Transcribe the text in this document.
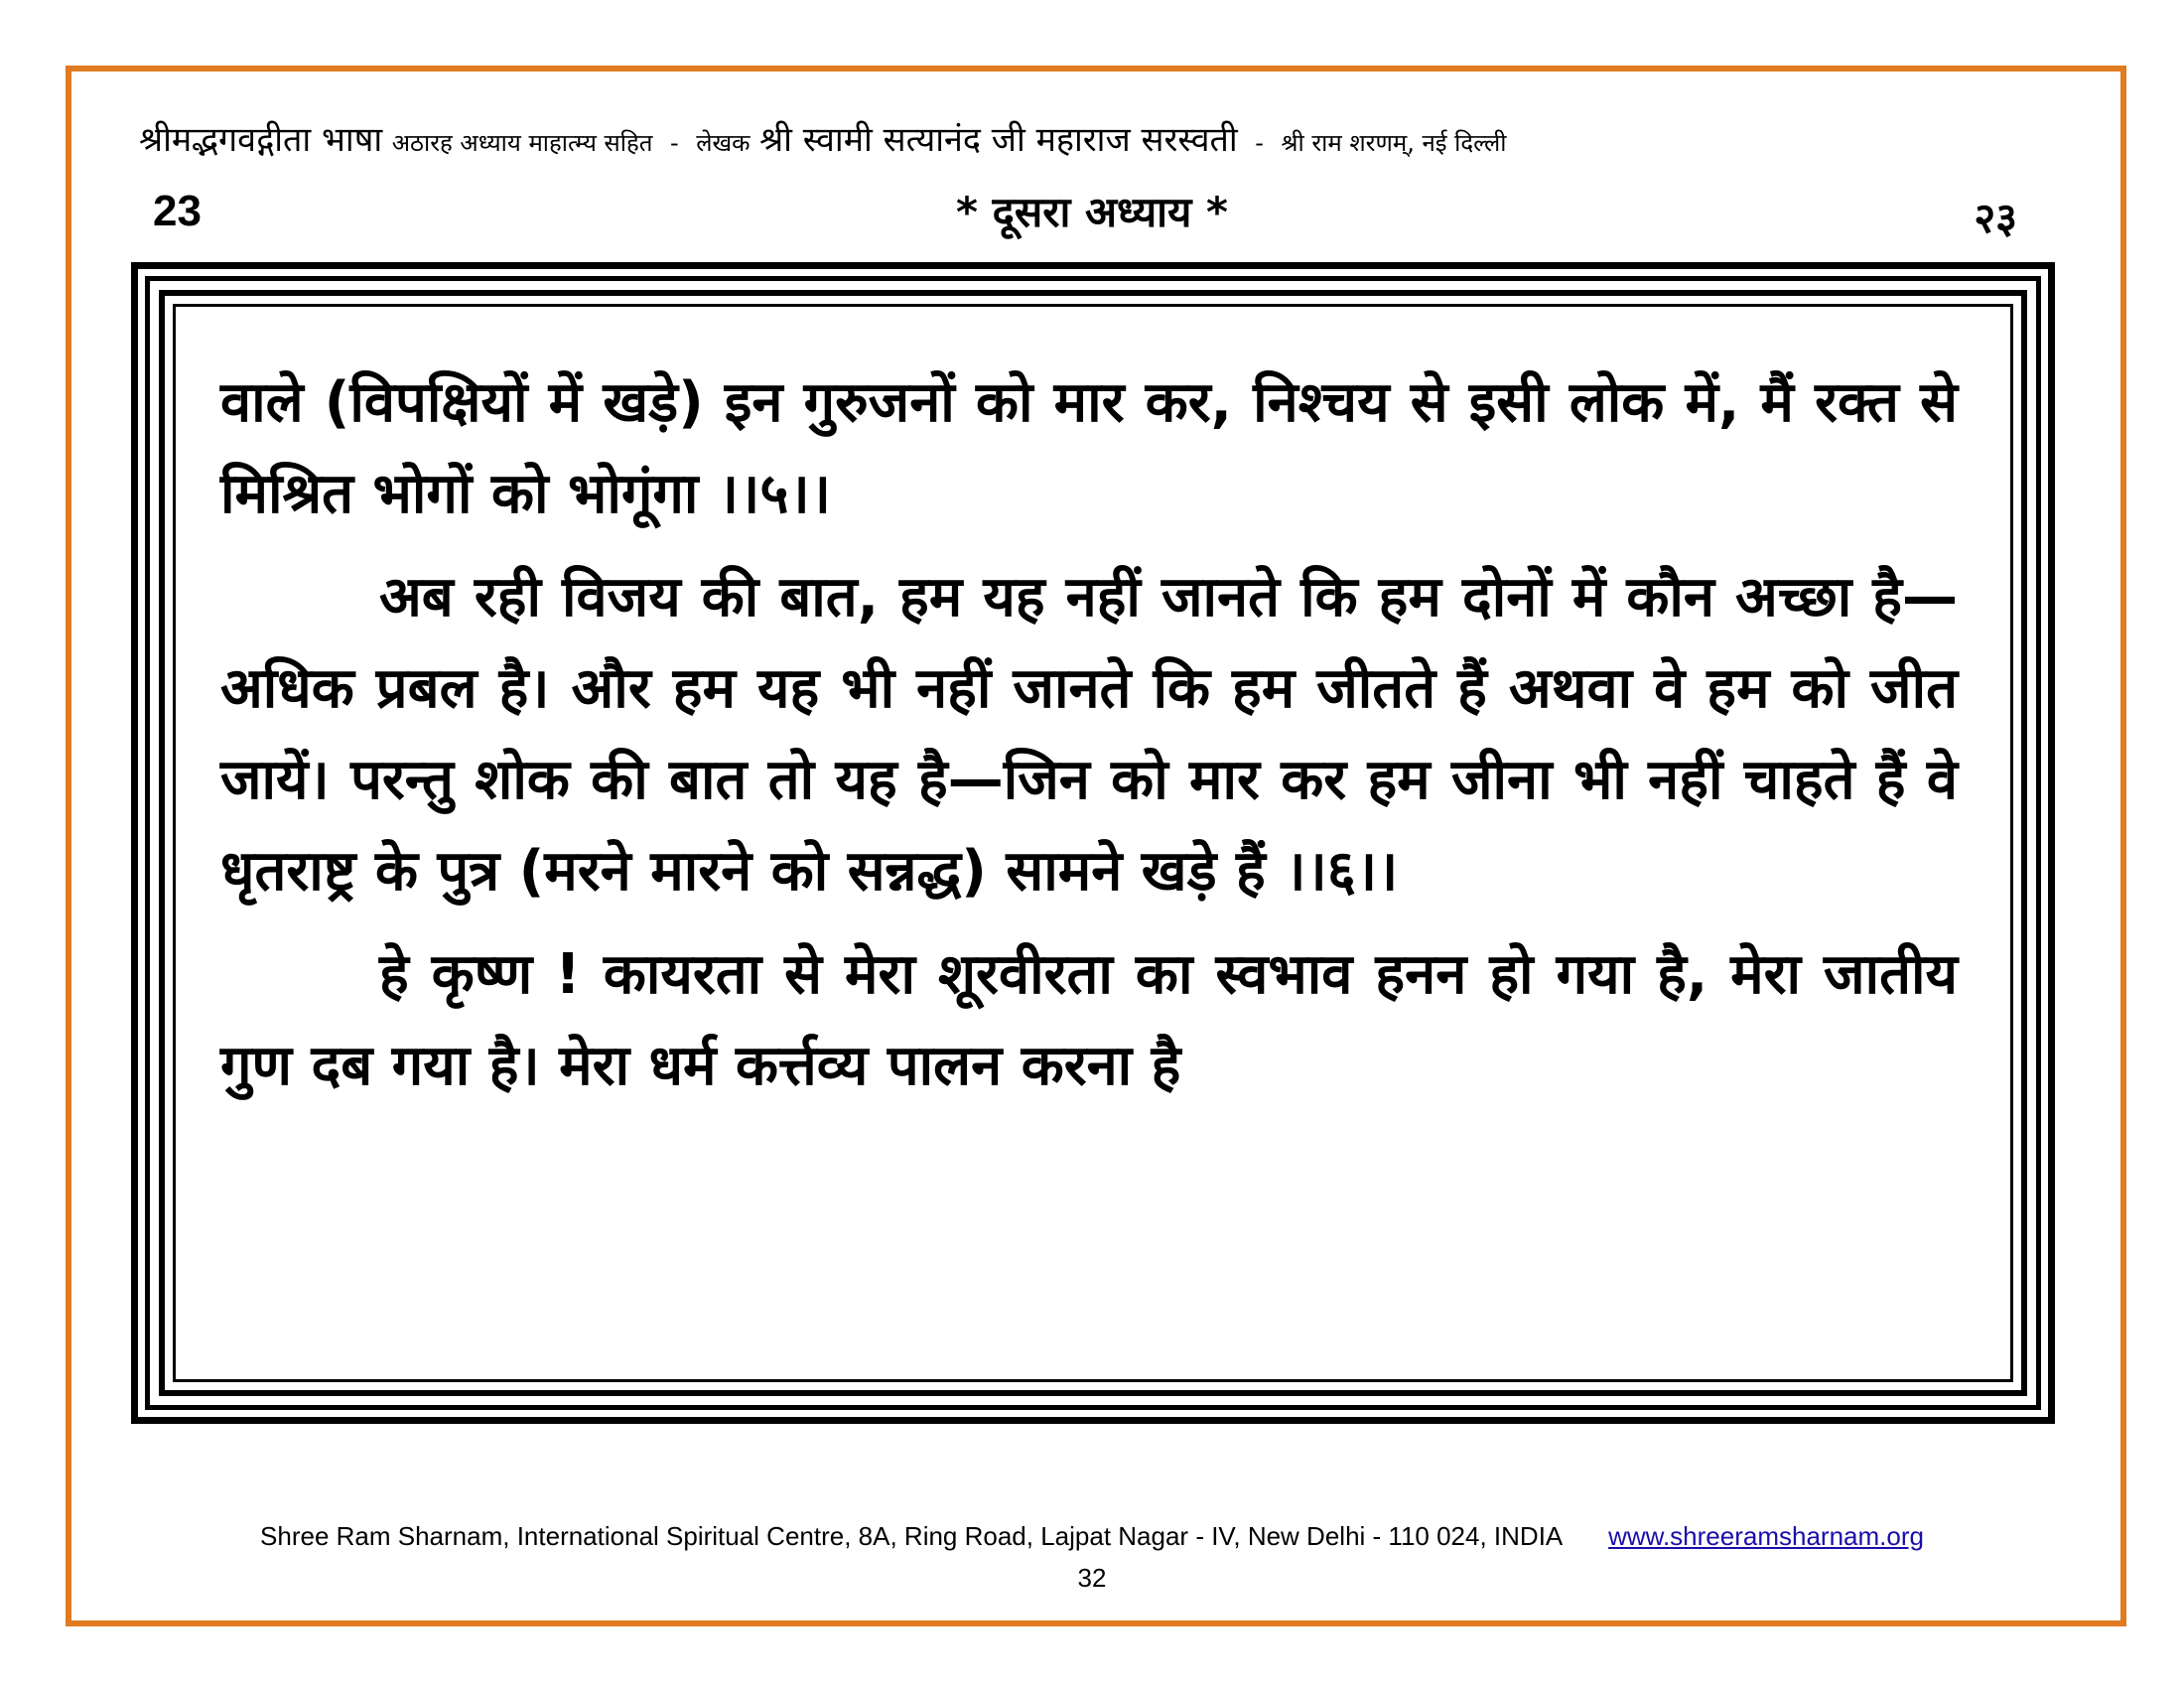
श्रीमद्भगवद्गीता भाषा अठारह अध्याय माहात्म्य सहित - लेखक श्री स्वामी सत्यानंद जी महाराज सरस्वती - श्री राम शरणम्, नई दिल्ली
23	* दूसरा अध्याय *	२३

वाले (विपक्षियों में खड़े) इन गुरुजनों को मार कर, निश्चय से इसी लोक में, मैं रक्त से मिश्रित भोगों को भोगूंगा ।।५।।

अब रही विजय की बात, हम यह नहीं जानते कि हम दोनों में कौन अच्छा है—अधिक प्रबल है। और हम यह भी नहीं जानते कि हम जीतते हैं अथवा वे हम को जीत जायें। परन्तु शोक की बात तो यह है—जिन को मार कर हम जीना भी नहीं चाहते हैं वे धृतराष्ट्र के पुत्र (मरने मारने को सन्नद्ध) सामने खड़े हैं ।।६।।

हे कृष्ण ! कायरता से मेरा शूरवीरता का स्वभाव हनन हो गया है, मेरा जातीय गुण दब गया है। मेरा धर्म कर्त्तव्य पालन करना है

Shree Ram Sharnam, International Spiritual Centre, 8A, Ring Road, Lajpat Nagar - IV, New Delhi - 110 024, INDIA www.shreeramsharnam.org
32
